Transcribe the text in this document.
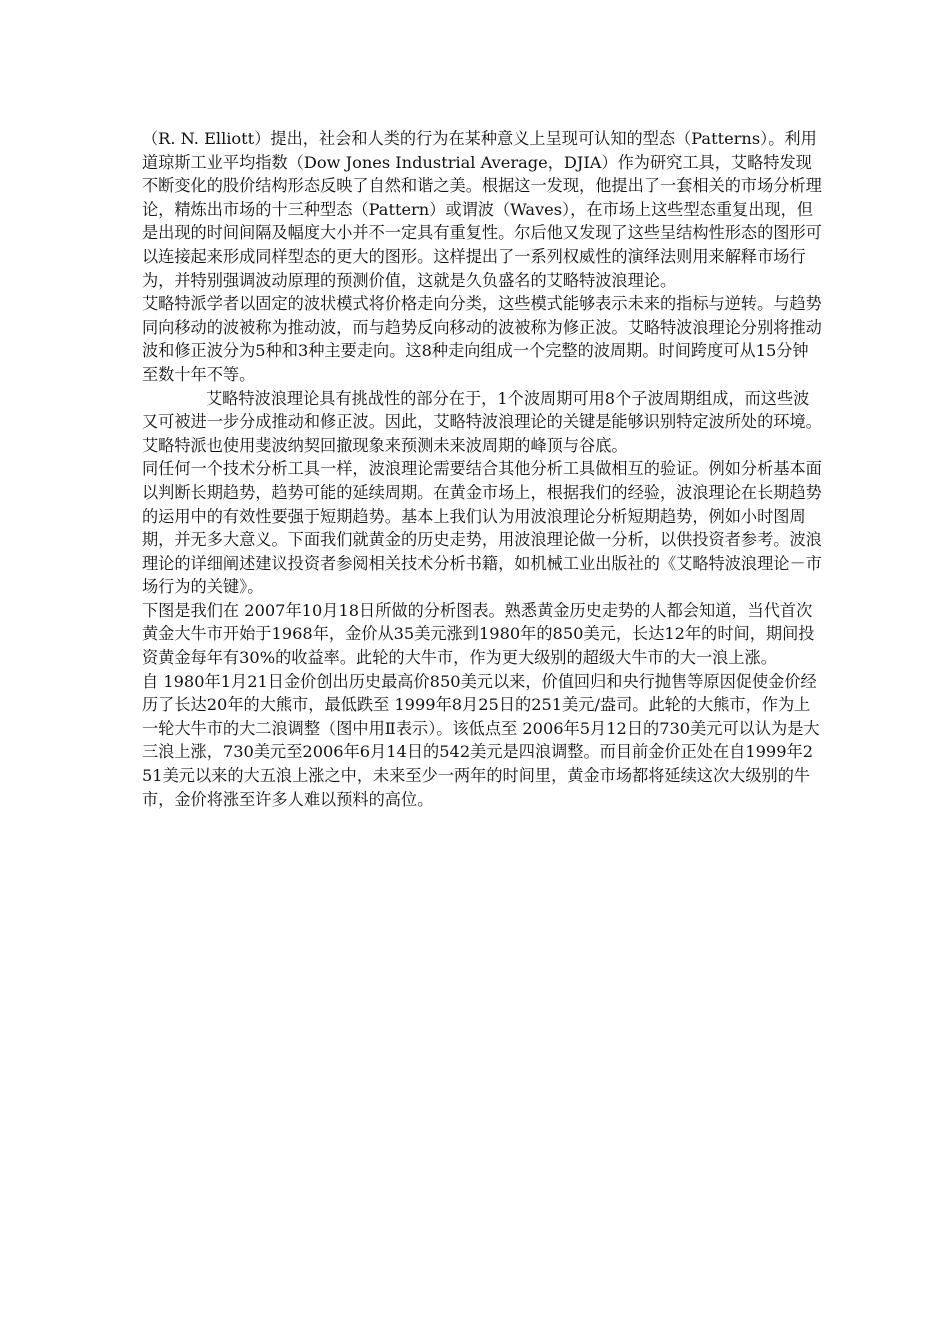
（R. N. Elliott）提出，社会和人类的行为在某种意义上呈现可认知的型态（Patterns）。利用道琼斯工业平均指数（Dow Jones Industrial Average，DJIA）作为研究工具，艾略特发现不断变化的股价结构形态反映了自然和谐之美。根据这一发现，他提出了一套相关的市场分析理论，精炼出市场的十三种型态（Pattern）或谓波（Waves），在市场上这些型态重复出现，但是出现的时间间隔及幅度大小并不一定具有重复性。尔后他又发现了这些呈结构性形态的图形可以连接起来形成同样型态的更大的图形。这样提出了一系列权威性的演绎法则用来解释市场行为，并特别强调波动原理的预测价值，这就是久负盛名的艾略特波浪理论。

艾略特派学者以固定的波状模式将价格走向分类，这些模式能够表示未来的指标与逆转。与趋势同向移动的波被称为推动波，而与趋势反向移动的波被称为修正波。艾略特波浪理论分别将推动波和修正波分为5种和3种主要走向。这8种走向组成一个完整的波周期。时间跨度可从15分钟至数十年不等。

艾略特波浪理论具有挑战性的部分在于，1个波周期可用8个子波周期组成，而这些波又可被进一步分成推动和修正波。因此，艾略特波浪理论的关键是能够识别特定波所处的环境。艾略特派也使用斐波纳契回撤现象来预测未来波周期的峰顶与谷底。

同任何一个技术分析工具一样，波浪理论需要结合其他分析工具做相互的验证。例如分析基本面以判断长期趋势，趋势可能的延续周期。在黄金市场上，根据我们的经验，波浪理论在长期趋势的运用中的有效性要强于短期趋势。基本上我们认为用波浪理论分析短期趋势，例如小时图周期，并无多大意义。下面我们就黄金的历史走势，用波浪理论做一分析，以供投资者参考。波浪理论的详细阐述建议投资者参阅相关技术分析书籍，如机械工业出版社的《艾略特波浪理论－市场行为的关键》。

下图是我们在 2007年10月18日所做的分析图表。熟悉黄金历史走势的人都会知道，当代首次黄金大牛市开始于1968年，金价从35美元涨到1980年的850美元，长达12年的时间，期间投资黄金每年有30%的收益率。此轮的大牛市，作为更大级别的超级大牛市的大一浪上涨。

自 1980年1月21日金价创出历史最高价850美元以来，价值回归和央行抛售等原因促使金价经历了长达20年的大熊市，最低跌至 1999年8月25日的251美元/盎司。此轮的大熊市，作为上一轮大牛市的大二浪调整（图中用Ⅱ表示）。该低点至 2006年5月12日的730美元可以认为是大三浪上涨，730美元至2006年6月14日的542美元是四浪调整。而目前金价正处在自1999年251美元以来的大五浪上涨之中，未来至少一两年的时间里，黄金市场都将延续这次大级别的牛市，金价将涨至许多人难以预料的高位。
